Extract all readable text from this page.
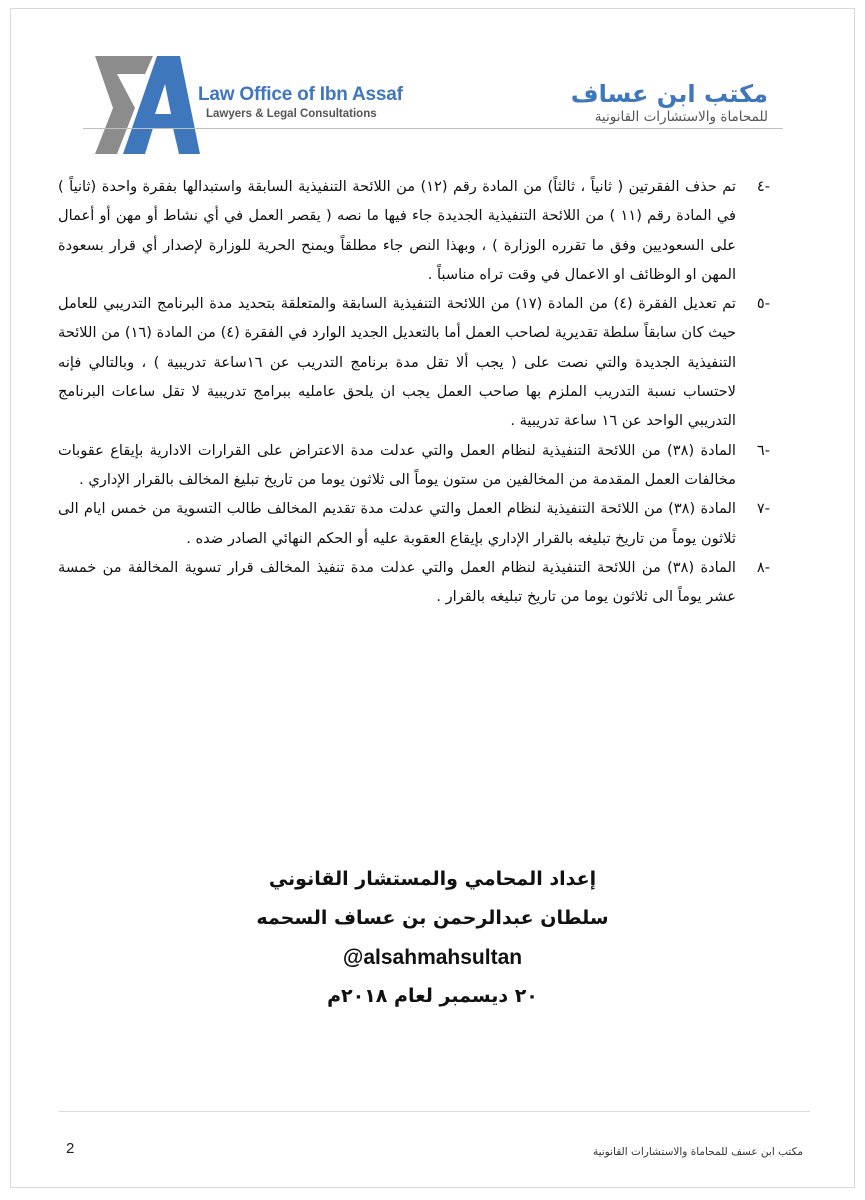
Law Office of Ibn Assaf
Lawyers & Legal Consultations
مكتب ابن عساف
للمحاماة والاستشارات القانونية

-٤
تم حذف الفقرتين ( ثانياً ، ثالثاً) من المادة رقم (١٢) من اللائحة التنفيذية السابقة واستبدالها بفقرة واحدة (ثانياً ) في المادة رقم (١١ ) من اللائحة التنفيذية الجديدة جاء فيها ما نصه ( يقصر العمل في أي نشاط أو مهن أو أعمال على السعوديين وفق ما تقرره الوزارة ) ، وبهذا النص جاء مطلقاً ويمنح الحرية للوزارة لإصدار أي قرار بسعودة المهن او الوظائف او الاعمال في وقت تراه مناسباً .

-٥
تم تعديل الفقرة (٤) من المادة (١٧) من اللائحة التنفيذية السابقة والمتعلقة بتحديد مدة البرنامج التدريبي للعامل حيث كان سابقاً سلطة تقديرية لصاحب العمل أما بالتعديل الجديد الوارد في الفقرة (٤) من المادة (١٦) من اللائحة التنفيذية الجديدة والتي نصت على ( يجب ألا تقل مدة برنامج التدريب عن ١٦ساعة تدريبية ) ، وبالتالي فإنه لاحتساب نسبة التدريب الملزم بها صاحب العمل يجب ان يلحق عامليه ببرامج تدريبية لا تقل ساعات البرنامج التدريبي الواحد عن ١٦ ساعة تدريبية .

-٦
المادة (٣٨) من اللائحة التنفيذية لنظام العمل والتي عدلت مدة الاعتراض على القرارات الادارية بإيقاع عقوبات مخالفات العمل المقدمة من المخالفين من ستون يوماً الى ثلاثون يوما من تاريخ تبليغ المخالف بالقرار الإداري .

-٧
المادة (٣٨) من اللائحة التنفيذية لنظام العمل والتي عدلت مدة تقديم المخالف طالب التسوية من خمس ايام الى ثلاثون يوماً من تاريخ تبليغه بالقرار الإداري بإيقاع العقوبة عليه أو الحكم النهائي الصادر ضده .

-٨
المادة (٣٨) من اللائحة التنفيذية لنظام العمل والتي عدلت مدة تنفيذ المخالف قرار تسوية المخالفة من خمسة عشر يوماً الى ثلاثون يوما من تاريخ تبليغه بالقرار .

إعداد المحامي والمستشار القانوني
سلطان عبدالرحمن بن عساف السحمه
@alsahmahsultan
٢٠ ديسمبر لعام ٢٠١٨م
2	مكتب ابن عسف للمحاماة والاستشارات القانونية
